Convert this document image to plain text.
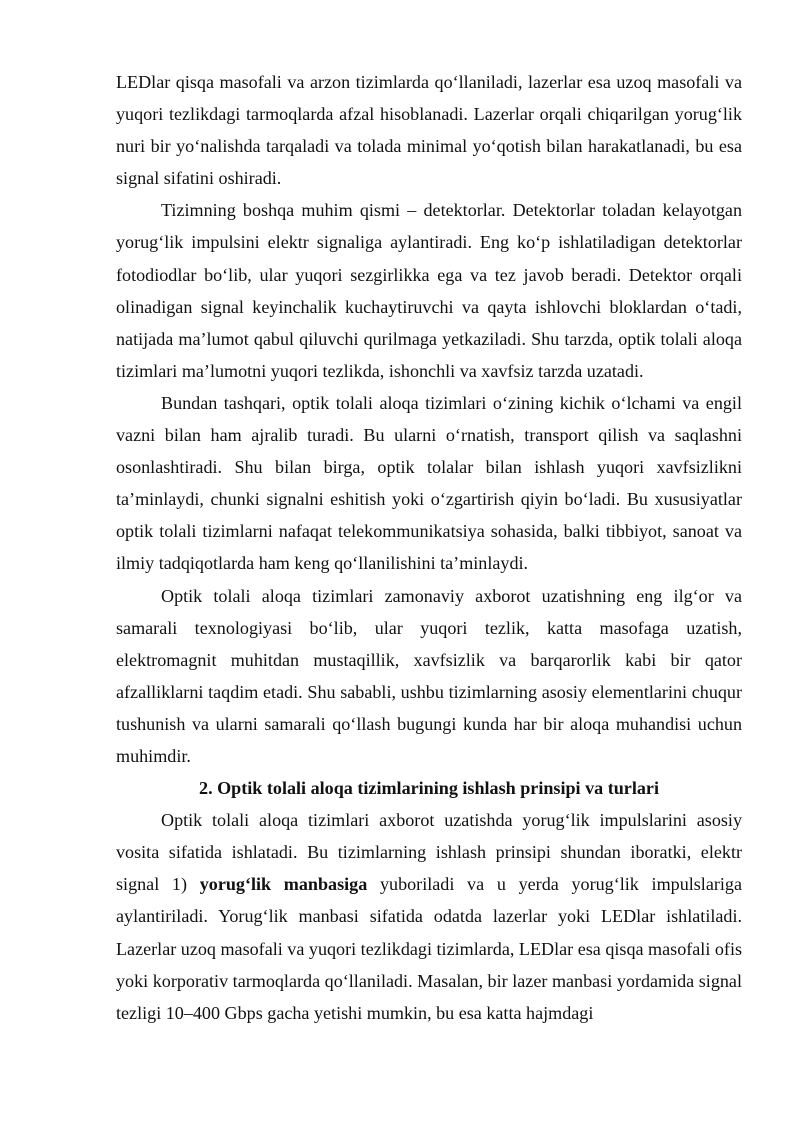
LEDlar qisqa masofali va arzon tizimlarda qo‘llaniladi, lazerlar esa uzoq masofali va yuqori tezlikdagi tarmoqlarda afzal hisoblanadi. Lazerlar orqali chiqarilgan yorug‘lik nuri bir yo‘nalishda tarqaladi va tolada minimal yo‘qotish bilan harakatlanadi, bu esa signal sifatini oshiradi.

Tizimning boshqa muhim qismi – detektorlar. Detektorlar toladan kelayotgan yorug‘lik impulsini elektr signaliga aylantiradi. Eng ko‘p ishlatiladigan detektorlar fotodiodlar bo‘lib, ular yuqori sezgirlikka ega va tez javob beradi. Detektor orqali olinadigan signal keyinchalik kuchaytiruvchi va qayta ishlovchi bloklardan o‘tadi, natijada ma’lumot qabul qiluvchi qurilmaga yetkaziladi. Shu tarzda, optik tolali aloqa tizimlari ma’lumotni yuqori tezlikda, ishonchli va xavfsiz tarzda uzatadi.

Bundan tashqari, optik tolali aloqa tizimlari o‘zining kichik o‘lchami va engil vazni bilan ham ajralib turadi. Bu ularni o‘rnatish, transport qilish va saqlashni osonlashtiradi. Shu bilan birga, optik tolalar bilan ishlash yuqori xavfsizlikni ta’minlaydi, chunki signalni eshitish yoki o‘zgartirish qiyin bo‘ladi. Bu xususiyatlar optik tolali tizimlarni nafaqat telekommunikatsiya sohasida, balki tibbiyot, sanoat va ilmiy tadqiqotlarda ham keng qo‘llanilishini ta’minlaydi.

Optik tolali aloqa tizimlari zamonaviy axborot uzatishning eng ilg‘or va samarali texnologiyasi bo‘lib, ular yuqori tezlik, katta masofaga uzatish, elektromagnit muhitdan mustaqillik, xavfsizlik va barqarorlik kabi bir qator afzalliklarni taqdim etadi. Shu sababli, ushbu tizimlarning asosiy elementlarini chuqur tushunish va ularni samarali qo‘llash bugungi kunda har bir aloqa muhandisi uchun muhimdir.

2. Optik tolali aloqa tizimlarining ishlash prinsipi va turlari

Optik tolali aloqa tizimlari axborot uzatishda yorug‘lik impulslarini asosiy vosita sifatida ishlatadi. Bu tizimlarning ishlash prinsipi shundan iboratki, elektr signal 1) yorug‘lik manbasiga yuboriladi va u yerda yorug‘lik impulslariga aylantiriladi. Yorug‘lik manbasi sifatida odatda lazerlar yoki LEDlar ishlatiladi. Lazerlar uzoq masofali va yuqori tezlikdagi tizimlarda, LEDlar esa qisqa masofali ofis yoki korporativ tarmoqlarda qo‘llaniladi. Masalan, bir lazer manbasi yordamida signal tezligi 10–400 Gbps gacha yetishi mumkin, bu esa katta hajmdagi
